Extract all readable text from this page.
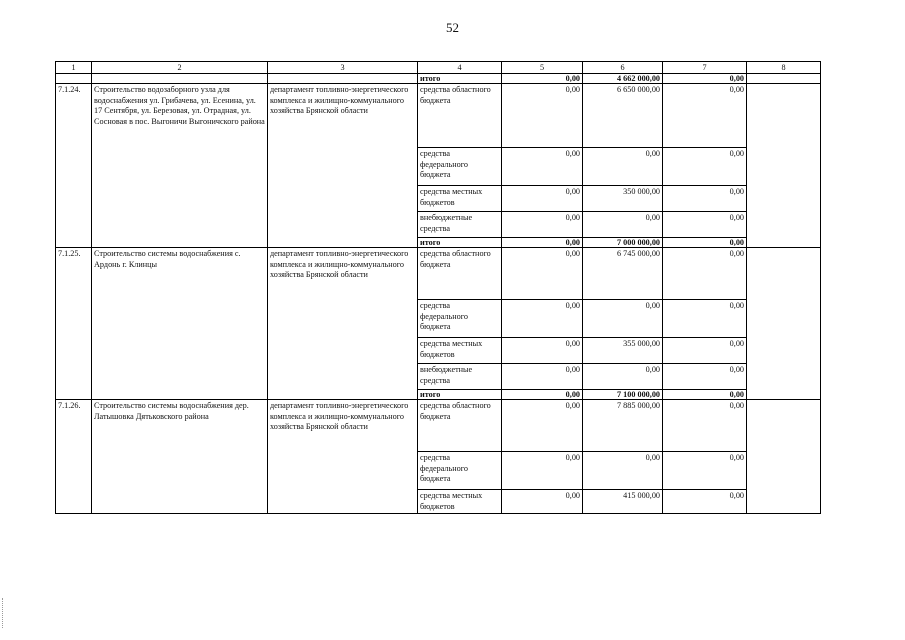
52
1	2	3	4	5	6	7	8
			итого	0,00	4 662 000,00	0,00	
7.1.24.	Строительство водозаборного узла для водоснабжения ул. Грибачева, ул. Есенина, ул. 17 Сентября, ул. Березовая, ул. Отрадная, ул. Сосновая в пос. Выгоничи Выгоничского района	департамент топливно-энергетического комплекса и жилищно-коммунального хозяйства Брянской области	средства областного бюджета	0,00	6 650 000,00	0,00	
			средства федерального бюджета	0,00	0,00	0,00	
			средства местных бюджетов	0,00	350 000,00	0,00	
			внебюджетные средства	0,00	0,00	0,00	
			итого	0,00	7 000 000,00	0,00	
7.1.25.	Строительство системы водоснабжения с. Ардонь г. Клинцы	департамент топливно-энергетического комплекса и жилищно-коммунального хозяйства Брянской области	средства областного бюджета	0,00	6 745 000,00	0,00	
			средства федерального бюджета	0,00	0,00	0,00	
			средства местных бюджетов	0,00	355 000,00	0,00	
			внебюджетные средства	0,00	0,00	0,00	
			итого	0,00	7 100 000,00	0,00	
7.1.26.	Строительство системы водоснабжения дер. Латышовка Дятьковского района	департамент топливно-энергетического комплекса и жилищно-коммунального хозяйства Брянской области	средства областного бюджета	0,00	7 885 000,00	0,00	
			средства федерального бюджета	0,00	0,00	0,00	
			средства местных бюджетов	0,00	415 000,00	0,00	
